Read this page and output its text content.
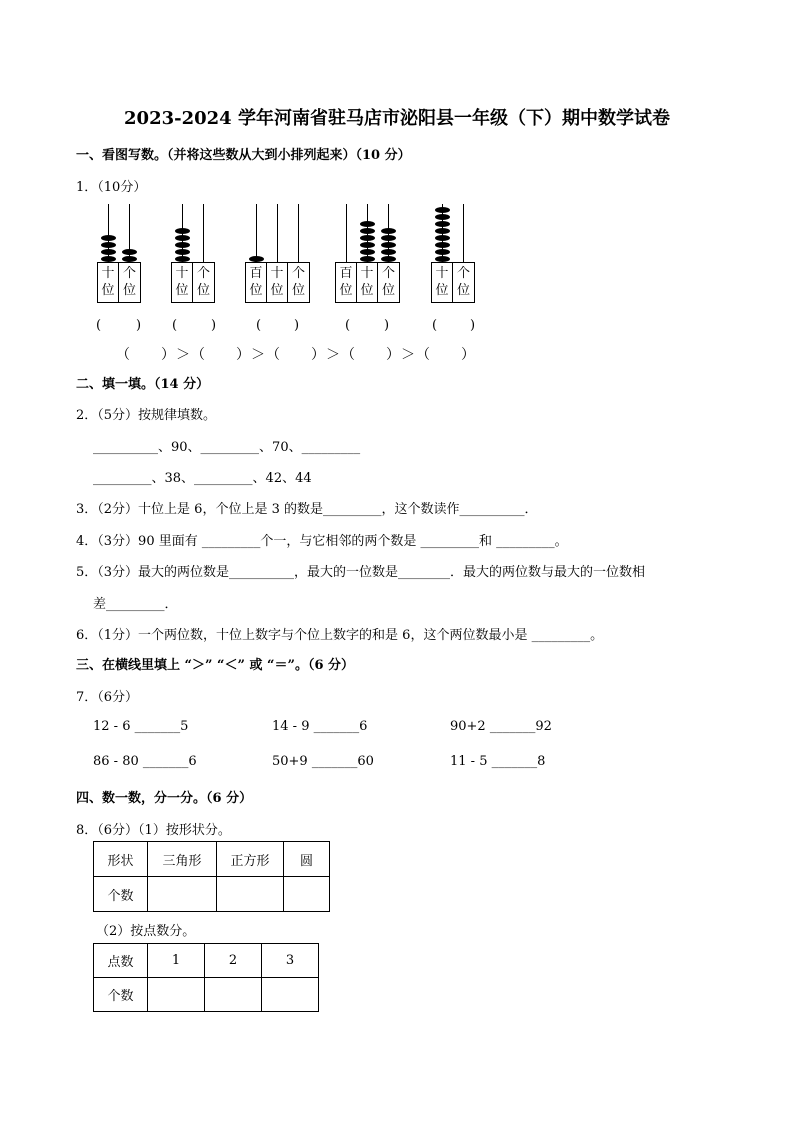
2023-2024 学年河南省驻马店市泌阳县一年级（下）期中数学试卷
一、看图写数。（并将这些数从大到小排列起来）（10 分）
1．（10分）
十
位
个
位
十
位
个
位
百
位
十
位
个
位
百
位
十
位
个
位
十
位
个
位
(	) (	)	(	)	(	)	(	)
（　　）＞（　　）＞（　　）＞（　　）＞（　　）
二、填一填。（14 分）
2．（5分）按规律填数。
__________、90、_________、70、_________
_________、38、_________、42、44
3．（2分）十位上是 6，个位上是 3 的数是_________，这个数读作__________．
4．（3分）90 里面有 _________个一，与它相邻的两个数是 _________和 _________。
5．（3分）最大的两位数是__________，最大的一位数是________．最大的两位数与最大的一位数相
差_________．
6．（1分）一个两位数，十位上数字与个位上数字的和是 6，这个两位数最小是 _________。
三、在横线里填上 “＞” “＜” 或 “＝”。（6 分）
7．（6分）
12 - 6 _______5	14 - 9 _______6	90+2 _______92
86 - 80 _______6	50+9 _______60	11 - 5 _______8
四、数一数，分一分。（6 分）
8．（6分）（1）按形状分。
形状	三角形	正方形	圆
个数			
（2）按点数分。
点数	1	2	3
个数			
